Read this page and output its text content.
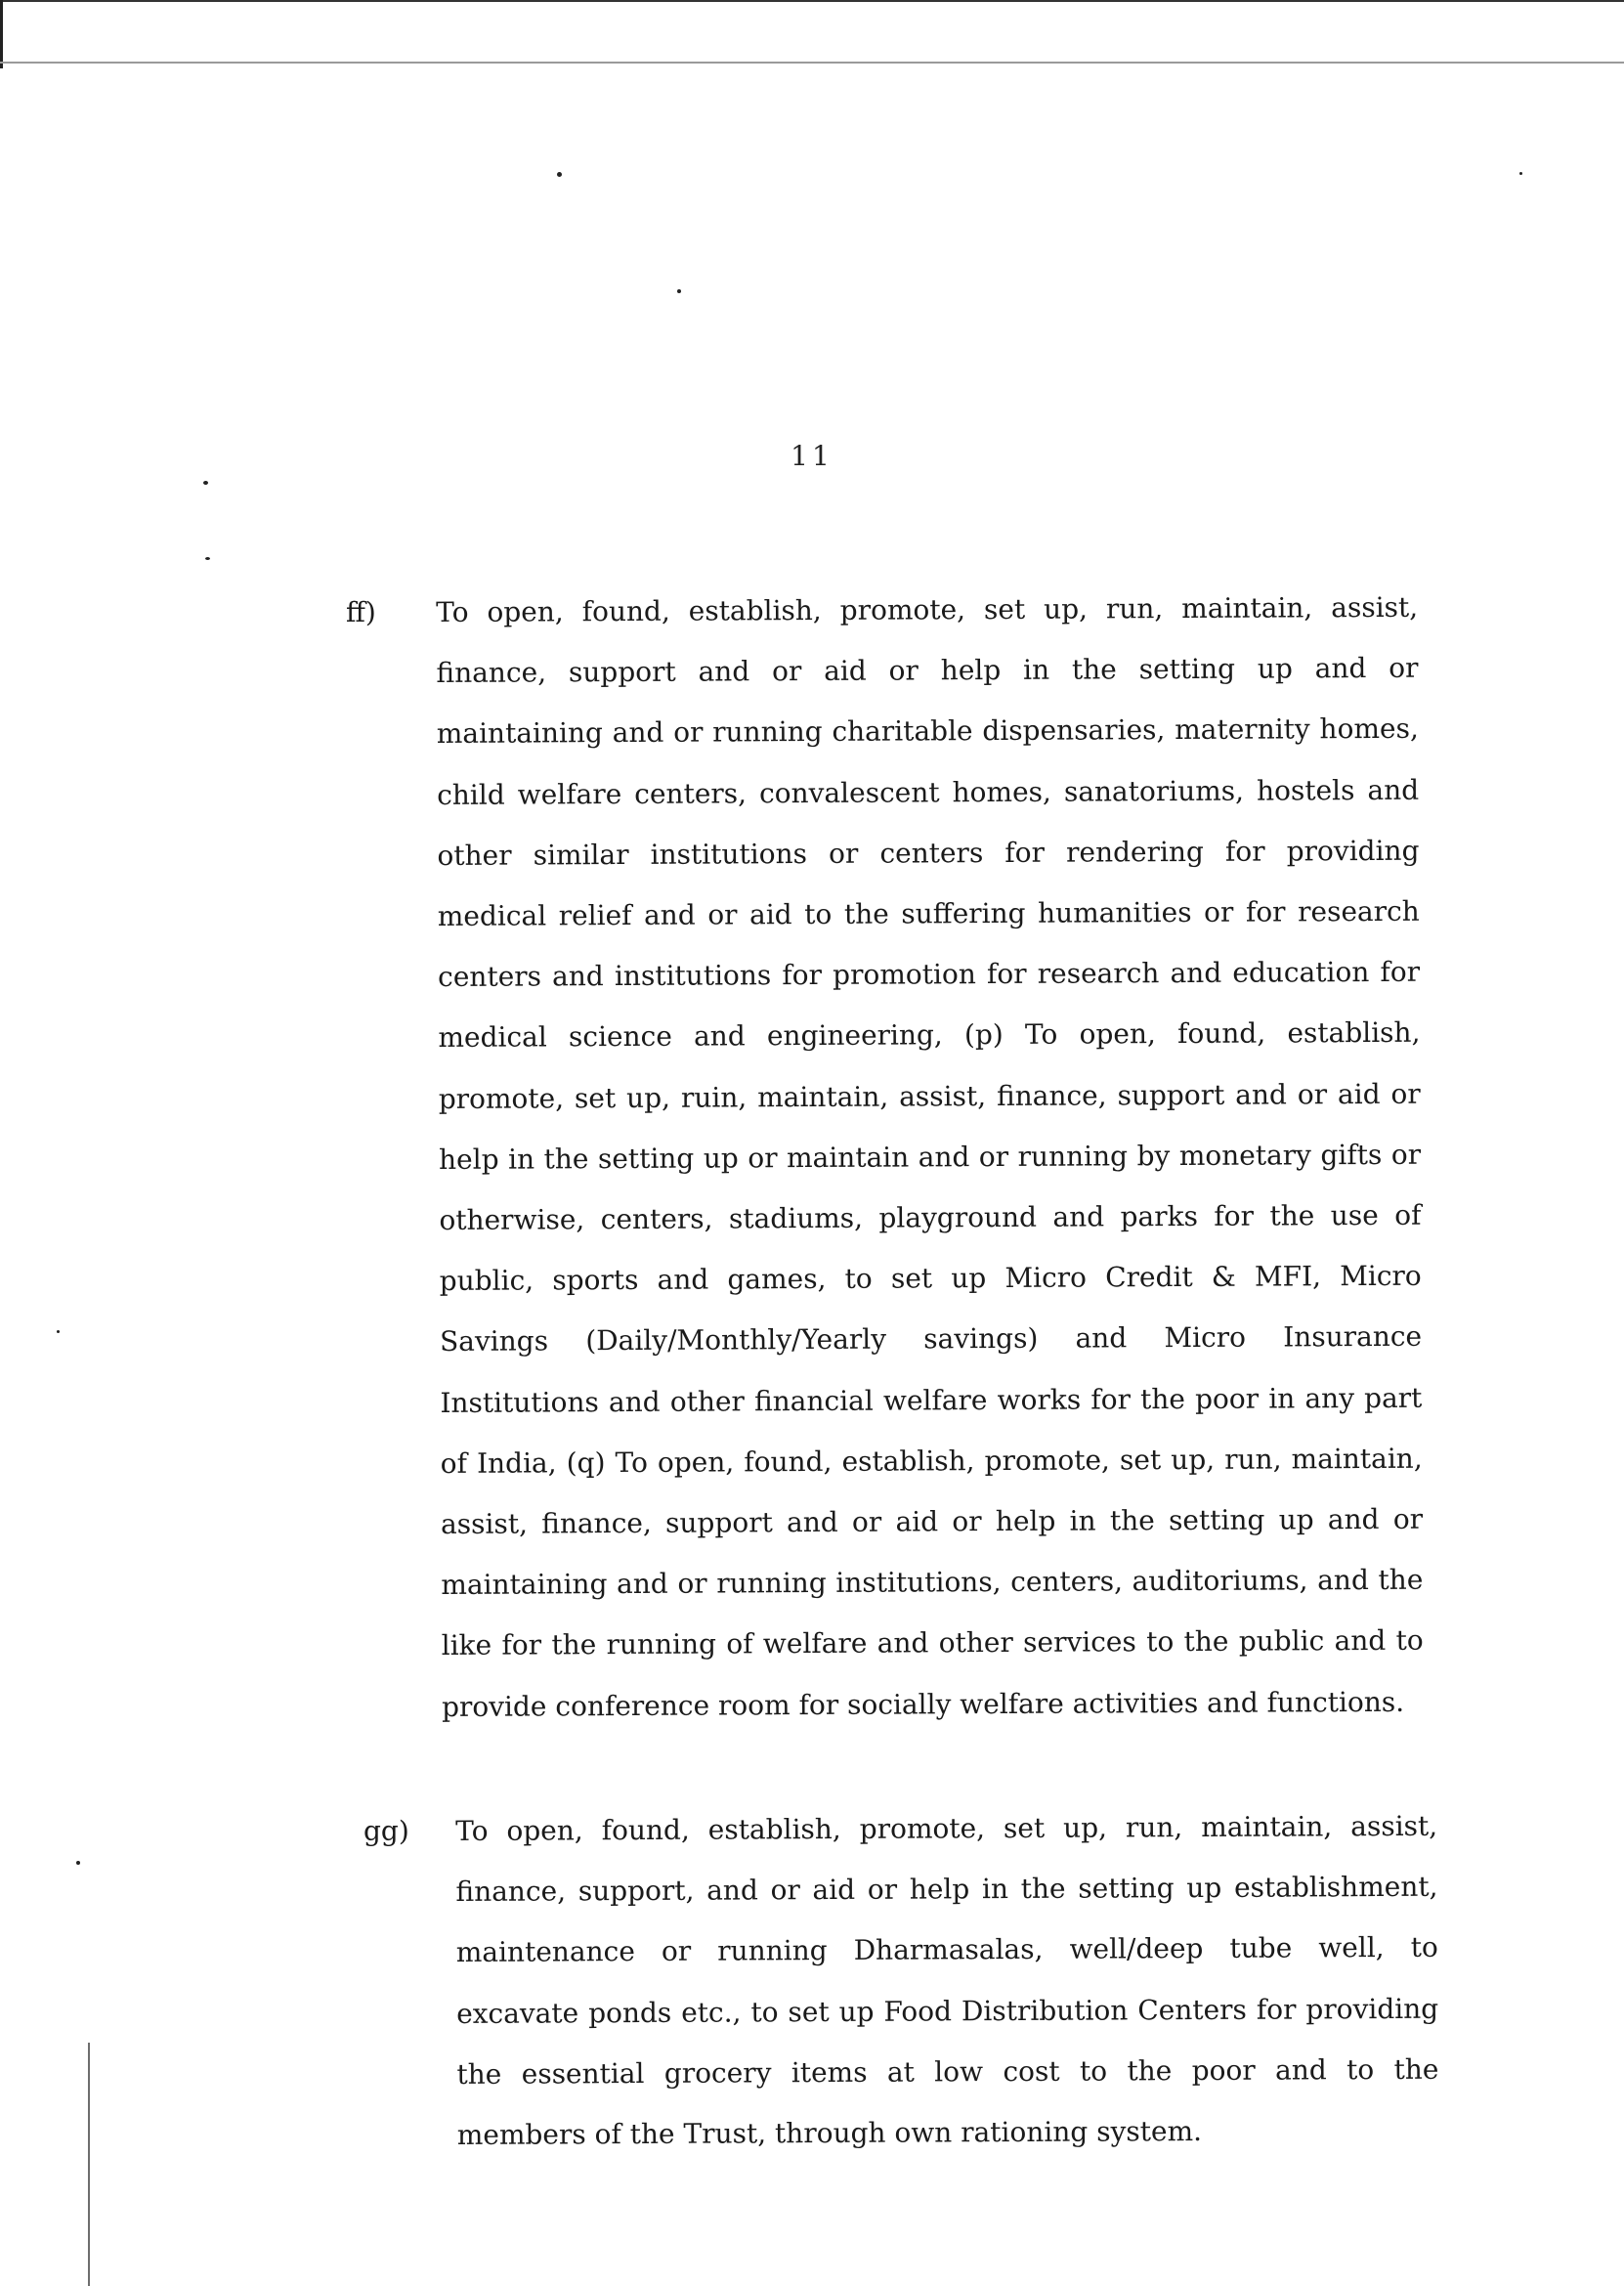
11
ff) To open, found, establish, promote, set up, run, maintain, assist, finance, support and or aid or help in the setting up and or maintaining and or running charitable dispensaries, maternity homes, child welfare centers, convalescent homes, sanatoriums, hostels and other similar institutions or centers for rendering for providing medical relief and or aid to the suffering humanities or for research centers and institutions for promotion for research and education for medical science and engineering, (p) To open, found, establish, promote, set up, ruin, maintain, assist, finance, support and or aid or help in the setting up or maintain and or running by monetary gifts or otherwise, centers, stadiums, playground and parks for the use of public, sports and games, to set up Micro Credit & MFI, Micro Savings (Daily/Monthly/Yearly savings) and Micro Insurance Institutions and other financial welfare works for the poor in any part of India, (q) To open, found, establish, promote, set up, run, maintain, assist, finance, support and or aid or help in the setting up and or maintaining and or running institutions, centers, auditoriums, and the like for the running of welfare and other services to the public and to provide conference room for socially welfare activities and functions.
gg) To open, found, establish, promote, set up, run, maintain, assist, finance, support, and or aid or help in the setting up establishment, maintenance or running Dharmasalas, well/deep tube well, to excavate ponds etc., to set up Food Distribution Centers for providing the essential grocery items at low cost to the poor and to the members of the Trust, through own rationing system.
